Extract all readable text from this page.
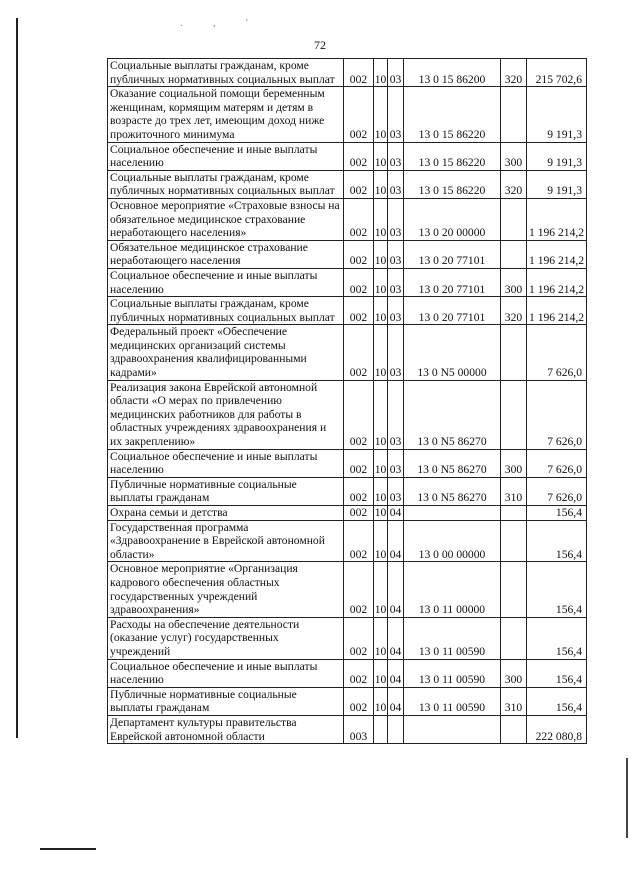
. , '
72
Социальные выплаты гражданам, кроме публичных нормативных социальных выплат	002	10	03	13 0 15 86200	320	215 702,6
Оказание социальной помощи беременным женщинам, кормящим матерям и детям в возрасте до трех лет, имеющим доход ниже прожиточного минимума	002	10	03	13 0 15 86220		9 191,3
Социальное обеспечение и иные выплаты населению	002	10	03	13 0 15 86220	300	9 191,3
Социальные выплаты гражданам, кроме публичных нормативных социальных выплат	002	10	03	13 0 15 86220	320	9 191,3
Основное мероприятие «Страховые взносы на обязательное медицинское страхование неработающего населения»	002	10	03	13 0 20 00000		1 196 214,2
Обязательное медицинское страхование неработающего населения	002	10	03	13 0 20 77101		1 196 214,2
Социальное обеспечение и иные выплаты населению	002	10	03	13 0 20 77101	300	1 196 214,2
Социальные выплаты гражданам, кроме публичных нормативных социальных выплат	002	10	03	13 0 20 77101	320	1 196 214,2
Федеральный проект «Обеспечение медицинских организаций системы здравоохранения квалифицированными кадрами»	002	10	03	13 0 N5 00000		7 626,0
Реализация закона Еврейской автономной области «О мерах по привлечению медицинских работников для работы в областных учреждениях здравоохранения и их закреплению»	002	10	03	13 0 N5 86270		7 626,0
Социальное обеспечение и иные выплаты населению	002	10	03	13 0 N5 86270	300	7 626,0
Публичные нормативные социальные выплаты гражданам	002	10	03	13 0 N5 86270	310	7 626,0
Охрана семьи и детства	002	10	04			156,4
Государственная программа «Здравоохранение в Еврейской автономной области»	002	10	04	13 0 00 00000		156,4
Основное мероприятие «Организация кадрового обеспечения областных государственных учреждений здравоохранения»	002	10	04	13 0 11 00000		156,4
Расходы на обеспечение деятельности (оказание услуг) государственных учреждений	002	10	04	13 0 11 00590		156,4
Социальное обеспечение и иные выплаты населению	002	10	04	13 0 11 00590	300	156,4
Публичные нормативные социальные выплаты гражданам	002	10	04	13 0 11 00590	310	156,4
Департамент культуры правительства Еврейской автономной области	003					222 080,8
